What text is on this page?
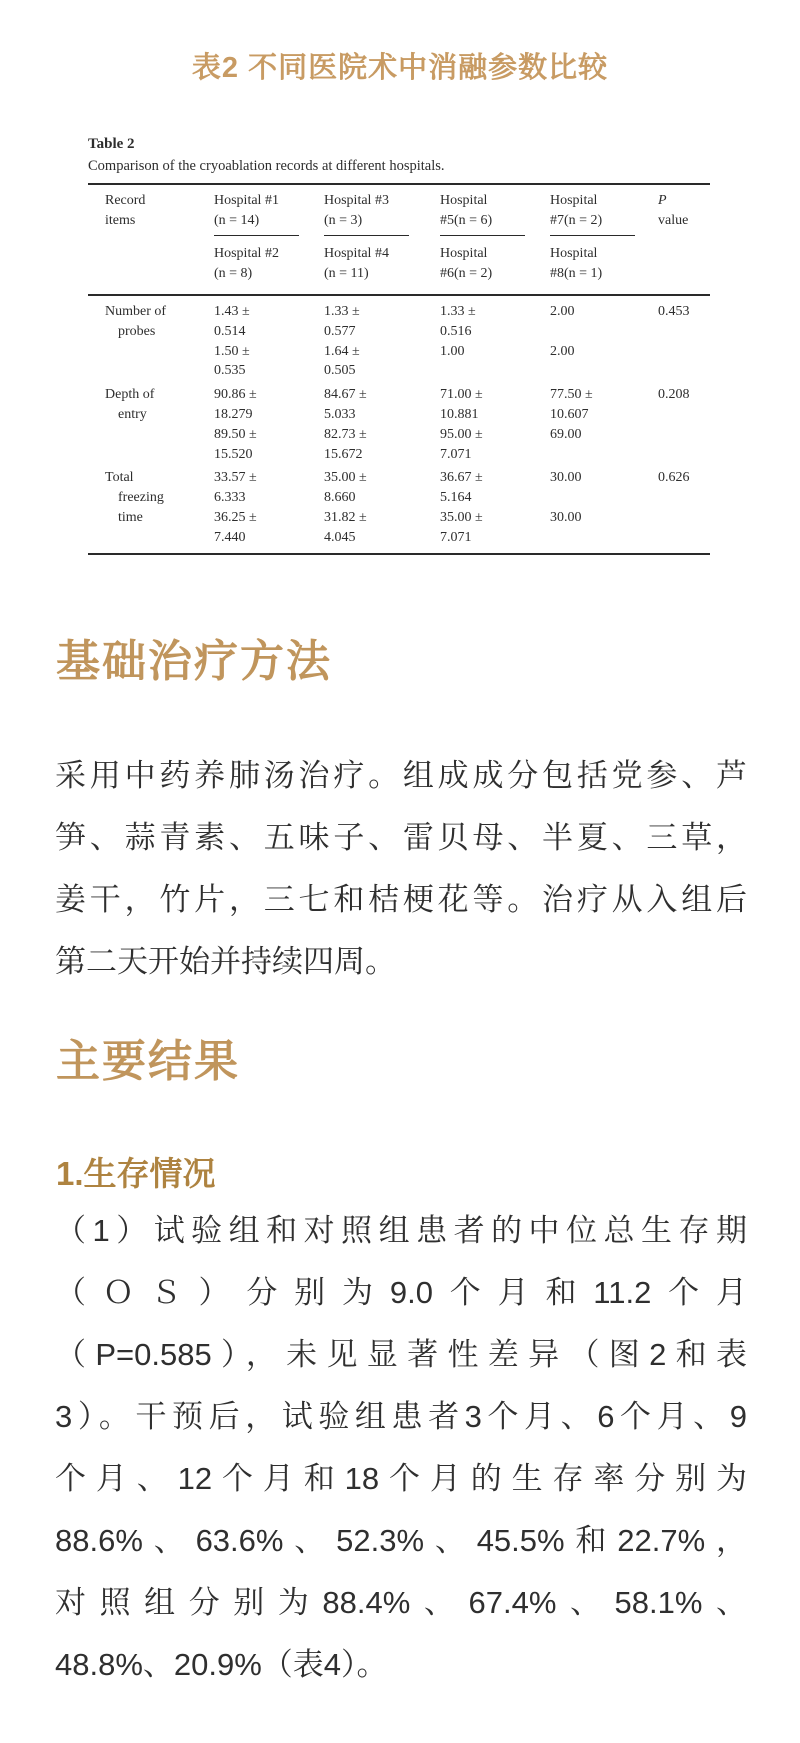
表2 不同医院术中消融参数比较
Table 2
Comparison of the cryoablation records at different hospitals.
Record
items
Hospital #1
(n = 14)
Hospital #3
(n = 3)
Hospital
#5(n = 6)
Hospital
#7(n = 2)
P
value
Hospital #2
(n = 8)
Hospital #4
(n = 11)
Hospital
#6(n = 2)
Hospital
#8(n = 1)
Number of
probes
1.43 ±
0.514
1.50 ±
0.535
1.33 ±
0.577
1.64 ±
0.505
1.33 ±
0.516
1.00
2.00
2.00
0.453
Depth of
entry
90.86 ±
18.279
89.50 ±
15.520
84.67 ±
5.033
82.73 ±
15.672
71.00 ±
10.881
95.00 ±
7.071
77.50 ±
10.607
69.00
0.208
Total
freezing
time
33.57 ±
6.333
36.25 ±
7.440
35.00 ±
8.660
31.82 ±
4.045
36.67 ±
5.164
35.00 ±
7.071
30.00
30.00
0.626
基础治疗方法
采用中药养肺汤治疗。组成成分包括党参、芦
笋、蒜青素、五味子、雷贝母、半夏、三草，
姜干，竹片，三七和桔梗花等。治疗从入组后
第二天开始并持续四周。
主要结果
1.生存情况
（1）试验组和对照组患者的中位总生存期
（ＯＳ）分别为9.0个月和11.2个月
（P=0.585），未见显著性差异（图2和表
3）。干预后，试验组患者3个月、6个月、9
个月、12个月和18个月的生存率分别为
88.6%、63.6%、52.3%、45.5%和22.7%，
对照组分别为88.4%、67.4%、58.1%、
48.8%、20.9%（表4）。
